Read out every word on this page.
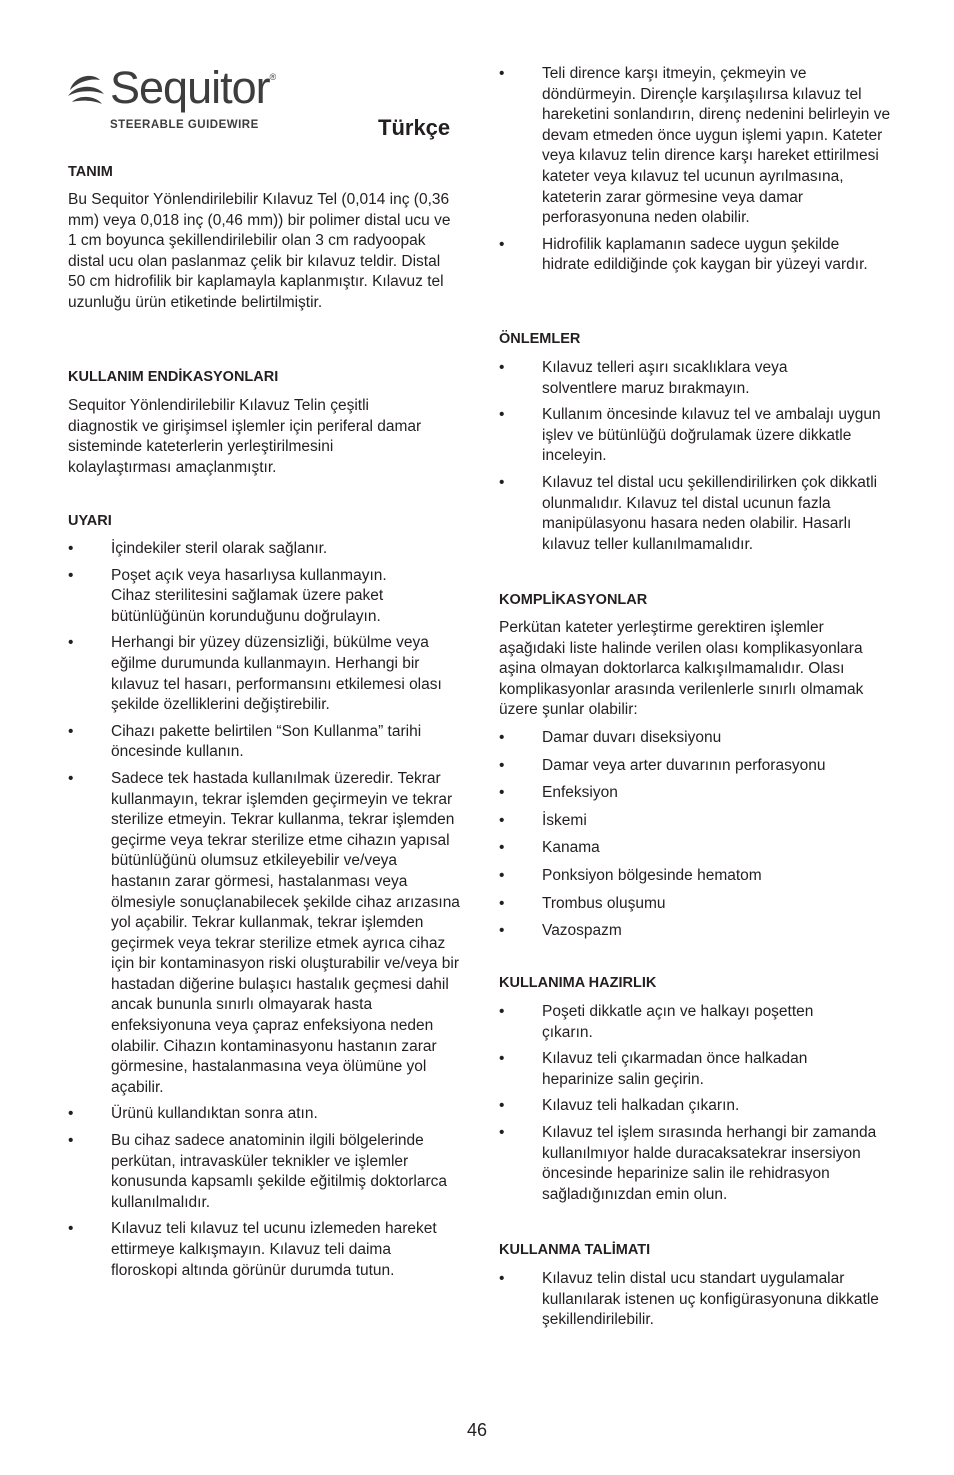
Sequitor®
STEERABLE GUIDEWIRE	Türkçe
TANIM

Bu Sequitor Yönlendirilebilir Kılavuz Tel (0,014 inç (0,36 mm) veya 0,018 inç (0,46 mm)) bir polimer distal ucu ve 1 cm boyunca şekillendirilebilir olan 3 cm radyoopak distal ucu olan paslanmaz çelik bir kılavuz teldir. Distal 50 cm hidrofilik bir kaplamayla kaplanmıştır. Kılavuz tel uzunluğu ürün etiketinde belirtilmiştir.

KULLANIM ENDİKASYONLARI

Sequitor Yönlendirilebilir Kılavuz Telin çeşitli diagnostik ve girişimsel işlemler için periferal damar sisteminde kateterlerin yerleştirilmesini kolaylaştırması amaçlanmıştır.

UYARI
• İçindekiler steril olarak sağlanır.
• Poşet açık veya hasarlıysa kullanmayın. Cihaz sterilitesini sağlamak üzere paket bütünlüğünün korunduğunu doğrulayın.
• Herhangi bir yüzey düzensizliği, bükülme veya eğilme durumunda kullanmayın. Herhangi bir kılavuz tel hasarı, performansını etkilemesi olası şekilde özelliklerini değiştirebilir.
• Cihazı pakette belirtilen “Son Kullanma” tarihi öncesinde kullanın.
• Sadece tek hastada kullanılmak üzeredir. Tekrar kullanmayın, tekrar işlemden geçirmeyin ve tekrar sterilize etmeyin. Tekrar kullanma, tekrar işlemden geçirme veya tekrar sterilize etme cihazın yapısal bütünlüğünü olumsuz etkileyebilir ve/veya hastanın zarar görmesi, hastalanması veya ölmesiyle sonuçlanabilecek şekilde cihaz arızasına yol açabilir. Tekrar kullanmak, tekrar işlemden geçirmek veya tekrar sterilize etmek ayrıca cihaz için bir kontaminasyon riski oluşturabilir ve/veya bir hastadan diğerine bulaşıcı hastalık geçmesi dahil ancak bununla sınırlı olmayarak hasta enfeksiyonuna veya çapraz enfeksiyona neden olabilir. Cihazın kontaminasyonu hastanın zarar görmesine, hastalanmasına veya ölümüne yol açabilir.
• Ürünü kullandıktan sonra atın.
• Bu cihaz sadece anatominin ilgili bölgelerinde perkütan, intravasküler teknikler ve işlemler konusunda kapsamlı şekilde eğitilmiş doktorlarca kullanılmalıdır.
• Kılavuz teli kılavuz tel ucunu izlemeden hareket ettirmeye kalkışmayın. Kılavuz teli daima floroskopi altında görünür durumda tutun.
• Teli dirence karşı itmeyin, çekmeyin ve döndürmeyin. Dirençle karşılaşılırsa kılavuz tel hareketini sonlandırın, direnç nedenini belirleyin ve devam etmeden önce uygun işlemi yapın. Kateter veya kılavuz telin dirence karşı hareket ettirilmesi kateter veya kılavuz tel ucunun ayrılmasına, kateterin zarar görmesine veya damar perforasyonuna neden olabilir.
• Hidrofilik kaplamanın sadece uygun şekilde hidrate edildiğinde çok kaygan bir yüzeyi vardır.
ÖNLEMLER
• Kılavuz telleri aşırı sıcaklıklara veya solventlere maruz bırakmayın.
• Kullanım öncesinde kılavuz tel ve ambalajı uygun işlev ve bütünlüğü doğrulamak üzere dikkatle inceleyin.
• Kılavuz tel distal ucu şekillendirilirken çok dikkatli olunmalıdır. Kılavuz tel distal ucunun fazla manipülasyonu hasara neden olabilir. Hasarlı kılavuz teller kullanılmamalıdır.
KOMPLİKASYONLAR

Perkütan kateter yerleştirme gerektiren işlemler aşağıdaki liste halinde verilen olası komplikasyonlara aşina olmayan doktorlarca kalkışılmamalıdır. Olası komplikasyonlar arasında verilenlerle sınırlı olmamak üzere şunlar olabilir:

• Damar duvarı diseksiyonu
• Damar veya arter duvarının perforasyonu
• Enfeksiyon
• İskemi
• Kanama
• Ponksiyon bölgesinde hematom
• Trombus oluşumu
• Vazospazm
KULLANIMA HAZIRLIK
• Poşeti dikkatle açın ve halkayı poşetten çıkarın.
• Kılavuz teli çıkarmadan önce halkadan heparinize salin geçirin.
• Kılavuz teli halkadan çıkarın.
• Kılavuz tel işlem sırasında herhangi bir zamanda kullanılmıyor halde duracaksatekrar insersiyon öncesinde heparinize salin ile rehidrasyon sağladığınızdan emin olun.
KULLANMA TALİMATI
• Kılavuz telin distal ucu standart uygulamalar kullanılarak istenen uç konfigürasyonuna dikkatle şekillendirilebilir.
46
